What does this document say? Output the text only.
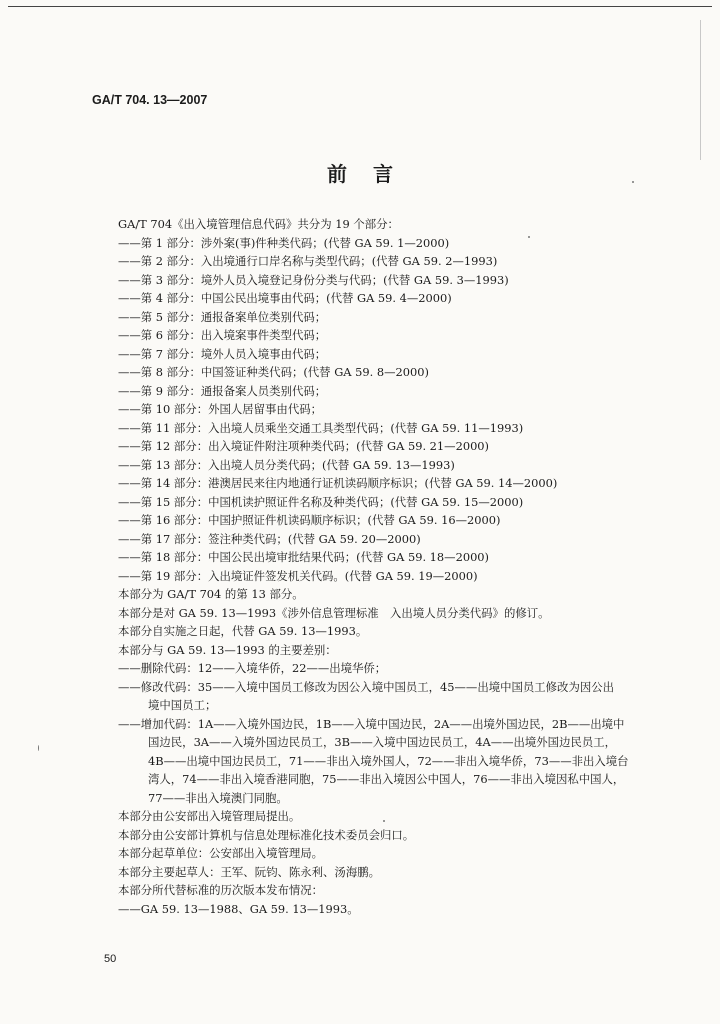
GA/T 704. 13—2007
前言
GA/T 704《出入境管理信息代码》共分为 19 个部分：
——第 1 部分：涉外案(事)件种类代码；(代替 GA 59. 1—2000)
——第 2 部分：入出境通行口岸名称与类型代码；(代替 GA 59. 2—1993)
——第 3 部分：境外人员入境登记身份分类与代码；(代替 GA 59. 3—1993)
——第 4 部分：中国公民出境事由代码；(代替 GA 59. 4—2000)
——第 5 部分：通报备案单位类别代码；
——第 6 部分：出入境案事件类型代码；
——第 7 部分：境外人员入境事由代码；
——第 8 部分：中国签证种类代码；(代替 GA 59. 8—2000)
——第 9 部分：通报备案人员类别代码；
——第 10 部分：外国人居留事由代码；
——第 11 部分：入出境人员乘坐交通工具类型代码；(代替 GA 59. 11—1993)
——第 12 部分：出入境证件附注项种类代码；(代替 GA 59. 21—2000)
——第 13 部分：入出境人员分类代码；(代替 GA 59. 13—1993)
——第 14 部分：港澳居民来往内地通行证机读码顺序标识；(代替 GA 59. 14—2000)
——第 15 部分：中国机读护照证件名称及种类代码；(代替 GA 59. 15—2000)
——第 16 部分：中国护照证件机读码顺序标识；(代替 GA 59. 16—2000)
——第 17 部分：签注种类代码；(代替 GA 59. 20—2000)
——第 18 部分：中国公民出境审批结果代码；(代替 GA 59. 18—2000)
——第 19 部分：入出境证件签发机关代码。(代替 GA 59. 19—2000)
本部分为 GA/T 704 的第 13 部分。
本部分是对 GA 59. 13—1993《涉外信息管理标准　入出境人员分类代码》的修订。
本部分自实施之日起，代替 GA 59. 13—1993。
本部分与 GA 59. 13—1993 的主要差别：
——删除代码：12——入境华侨，22——出境华侨；
——修改代码：35——入境中国员工修改为因公入境中国员工，45——出境中国员工修改为因公出
境中国员工；
——增加代码：1A——入境外国边民，1B——入境中国边民，2A——出境外国边民，2B——出境中
国边民，3A——入境外国边民员工，3B——入境中国边民员工，4A——出境外国边民员工，
4B——出境中国边民员工，71——非出入境外国人，72——非出入境华侨，73——非出入境台
湾人，74——非出入境香港同胞，75——非出入境因公中国人，76——非出入境因私中国人，
77——非出入境澳门同胞。
本部分由公安部出入境管理局提出。
本部分由公安部计算机与信息处理标准化技术委员会归口。
本部分起草单位：公安部出入境管理局。
本部分主要起草人：王军、阮钧、陈永利、汤海鹏。
本部分所代替标准的历次版本发布情况：
——GA 59. 13—1988、GA 59. 13—1993。
50
